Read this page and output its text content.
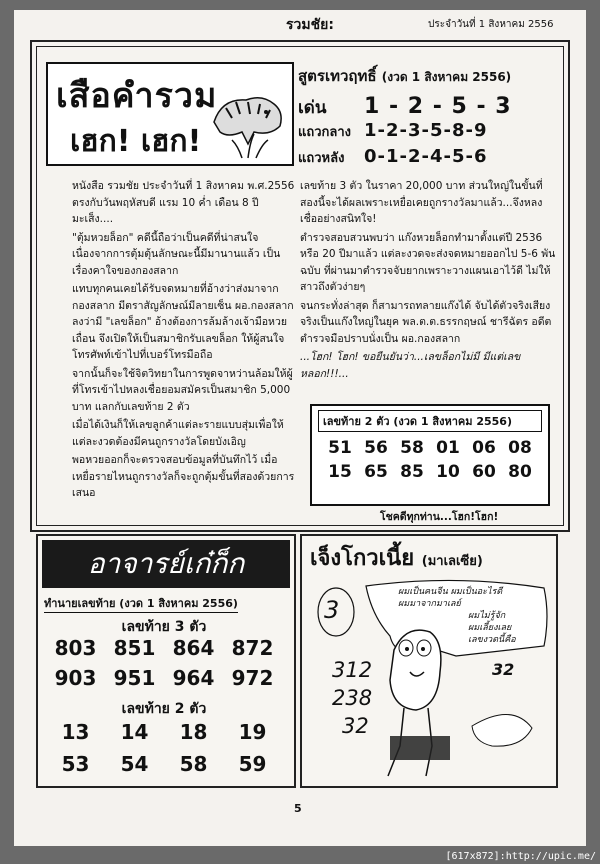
รวมชัย:	ประจำวันที่ 1 สิงหาคม 2556
เสือคำรวม
เฮก! เฮก!
สูตรเทวฤทธิ์ (งวด 1 สิงหาคม 2556)
เด่น	1 - 2 - 5 - 3
แถวกลาง 1-2-3-5-8-9
แถวหลัง	0-1-2-4-5-6

หนังสือ รวมชัย ประจำวันที่ 1 สิงหาคม พ.ศ.2556 ตรงกับวันพฤหัสบดี แรม 10 ค่ำ เดือน 8 ปีมะเส็ง....

"ตุ้มหวยล็อก" คดีนี้ถือว่าเป็นคดีที่น่าสนใจ เนื่องจากการตุ้มตุ้นลักษณะนี้มีมานานแล้ว เป็นเรื่องคาใจของกองสลาก

แทบทุกคนเคยได้รับจดหมายที่อ้างว่าส่งมาจากกองสลาก มีตราสัญลักษณ์มีลายเซ็น ผอ.กองสลาก ลงว่ามี "เลขล็อก" อ้างต้องการล้มล้างเจ้ามือหวยเถื่อน จึงเปิดให้เป็นสมาชิกรับเลขล็อก ให้ผู้สนใจโทรศัพท์เข้าไปที่เบอร์โทรมือถือ

จากนั้นก็จะใช้จิตวิทยาในการพูดจาหว่านล้อมให้ผู้ที่โทรเข้าไปหลงเชื่อยอมสมัครเป็นสมาชิก 5,000 บาท แลกกับเลขท้าย 2 ตัว

เมื่อได้เงินก็ให้เลขลูกค้าแต่ละรายแบบสุ่มเพื่อให้แต่ละงวดต้องมีคนถูกรางวัลโดยบังเอิญ

พอหวยออกก็จะตรวจสอบข้อมูลที่บันทึกไว้ เมื่อเหยื่อรายไหนถูกรางวัลก็จะถูกตุ้มขั้นที่สองด้วยการเสนอ

เลขท้าย 3 ตัว ในราคา 20,000 บาท ส่วนใหญ่ในขั้นที่สองนี้จะได้ผลเพราะเหยื่อเคยถูกรางวัลมาแล้ว...จึงหลงเชื่ออย่างสนิทใจ!

ตำรวจสอบสวนพบว่า แก๊งหวยล็อกทำมาตั้งแต่ปี 2536 หรือ 20 ปีมาแล้ว แต่ละงวดจะส่งจดหมายออกไป 5-6 พันฉบับ ที่ผ่านมาตำรวจจับยากเพราะวางแผนเอาไว้ดี ไม่ให้สาวถึงตัวง่ายๆ

จนกระทั่งล่าสุด ก็สามารถทลายแก๊งได้ จับได้ตัวจริงเสียงจริงเป็นแก๊งใหญ่ในยุค พล.ต.ต.ธรรกฤษณ์ ชารีฉัตร อดีตตำรวจมือปราบนั่งเป็น ผอ.กองสลาก

...โฮก! โฮก! ขอยืนยันว่า...เลขล็อกไม่มี มีแต่เลขหลอก!!!...

เลขท้าย 2 ตัว (งวด 1 สิงหาคม 2556)
51 56 58 01 06 08
15 65 85 10 60 80
โชคดีทุกท่าน...โฮก!โฮก!
อาจารย์เก๋ก็ก
ทำนายเลขท้าย (งวด 1 สิงหาคม 2556)
เลขท้าย 3 ตัว
803 851 864 872
903 951 964 972
เลขท้าย 2 ตัว
13	14	18	19
53	54	58	59
เจ็งโกวเนี้ย (มาเลเซีย)
ผมเป็นคนจีน ผมเป็นอะไรดี
ผมมาจากมาเลย์
ผมไม่รู้จัก
ผมเลี้ยงเลย
เลขงวดนี้คือ
3
32
312
238
32
5
[617x872]:http://upic.me/
